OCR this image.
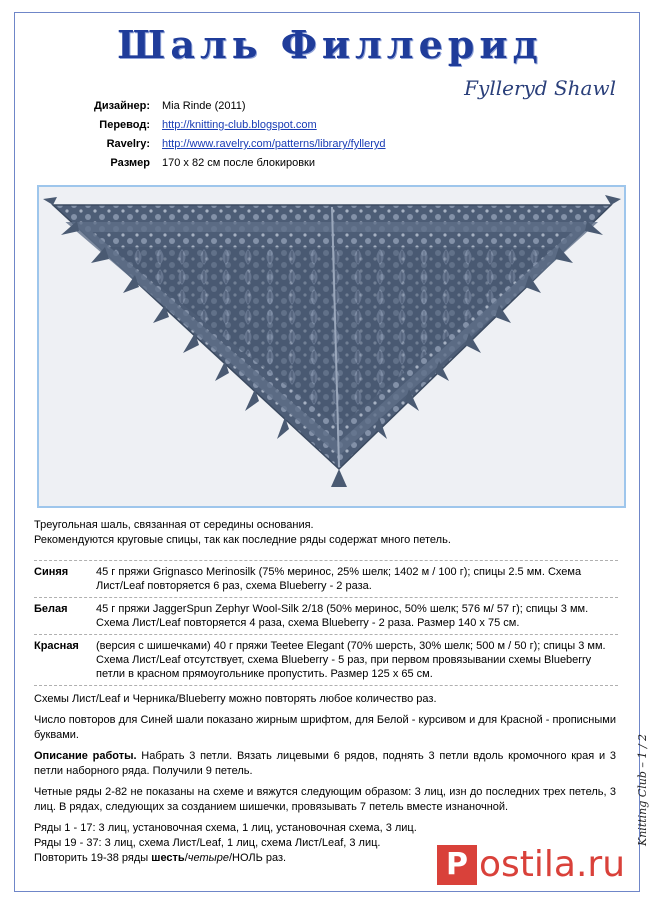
Шаль Филлерид
Fylleryd Shawl
Дизайнер:	Mia Rinde (2011)
Перевод:	http://knitting-club.blogspot.com
Ravelry:	http://www.ravelry.com/patterns/library/fylleryd
Размер	170 x 82 см после блокировки
Треугольная шаль, связанная от середины основания.
Рекомендуются круговые спицы, так как последние ряды содержат много петель.
Синяя	45 г пряжи Grignasco Merinosilk (75% меринос, 25% шелк; 1402 м / 100 г); спицы 2.5 мм. Схема Лист/Leaf повторяется 6 раз, схема Blueberry - 2 раза.
Белая	45 г пряжи JaggerSpun Zephyr Wool-Silk 2/18 (50% меринос, 50% шелк; 576 м/ 57 г); спицы 3 мм. Схема Лист/Leaf повторяется 4 раза, схема Blueberry - 2 раза. Размер 140 x 75 см.
Красная	(версия с шишечками) 40 г пряжи Teetee Elegant (70% шерсть, 30% шелк; 500 м / 50 г); спицы 3 мм. Схема Лист/Leaf отсутствует, схема Blueberry - 5 раз, при первом провязывании схемы Blueberry петли в красном прямоугольнике пропустить. Размер 125 x 65 см.

Схемы Лист/Leaf и Черника/Blueberry можно повторять любое количество раз.

Число повторов для Синей шали показано жирным шрифтом, для Белой - курсивом и для Красной - прописными буквами.

Описание работы. Набрать 3 петли. Вязать лицевыми 6 рядов, поднять 3 петли вдоль кромочного края и 3 петли наборного ряда. Получили 9 петель.

Четные ряды 2-82 не показаны на схеме и вяжутся следующим образом: 3 лиц, изн до последних трех петель, 3 лиц. В рядах, следующих за созданием шишечки, провязывать 7 петель вместе изнаночной.

Ряды 1 - 17: 3 лиц, установочная схема, 1 лиц, установочная схема, 3 лиц.

Ряды 19 - 37: 3 лиц, схема Лист/Leaf, 1 лиц, схема Лист/Leaf, 3 лиц.

Повторить 19-38 ряды шесть/четыре/НОЛЬ раз.

Knitting Club – 1 / 2
P ostila.ru
